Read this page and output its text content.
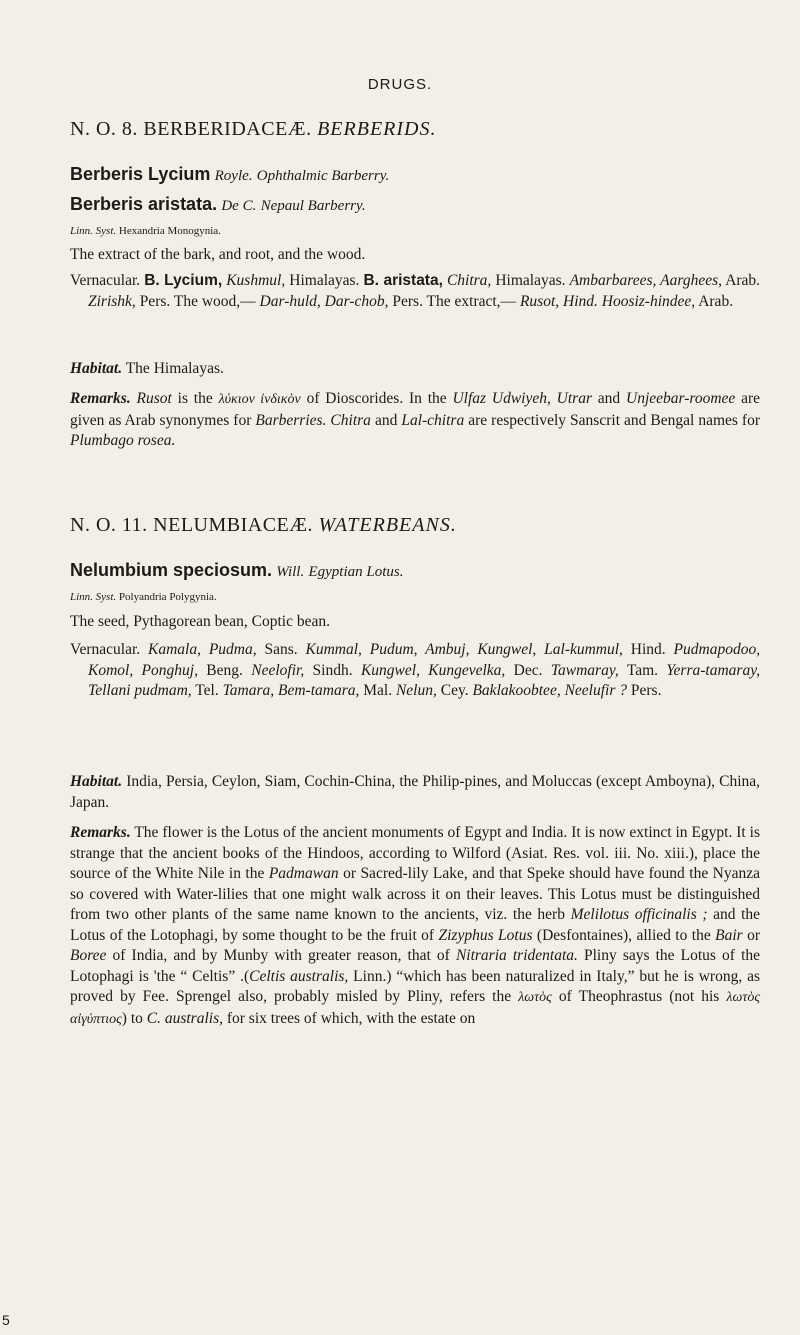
DRUGS.
N. O. 8. BERBERIDACEÆ. BERBERIDS.
Berberis Lycium Royle. Ophthalmic Barberry.
Berberis aristata. De C. Nepaul Barberry.
Linn. Syst. Hexandria Monogynia.

The extract of the bark, and root, and the wood.

Vernacular. B. Lycium, Kushmul, Himalayas. B. aristata, Chitra, Himalayas. Ambarbarees, Aarghees, Arab. Zirishk, Pers. The wood,— Dar-huld, Dar-chob, Pers. The extract,— Rusot, Hind. Hoosiz-hindee, Arab.

Habitat. The Himalayas.

Remarks. Rusot is the λύκιον ἰνδικὸν of Dioscorides. In the Ulfaz Udwiyeh, Utrar and Unjeebar-roomee are given as Arab synonymes for Barberries. Chitra and Lal-chitra are respectively Sanscrit and Bengal names for Plumbago rosea.

N. O. 11. NELUMBIACEÆ. WATERBEANS.
Nelumbium speciosum. Will. Egyptian Lotus.
Linn. Syst. Polyandria Polygynia.

The seed, Pythagorean bean, Coptic bean.

Vernacular. Kamala, Pudma, Sans. Kummal, Pudum, Ambuj, Kungwel, Lal-kummul, Hind. Pudmapodoo, Komol, Ponghuj, Beng. Neelofir, Sindh. Kungwel, Kungevelka, Dec. Tawmaray, Tam. Yerra-tamaray, Tellani pudmam, Tel. Tamara, Bem-tamara, Mal. Nelun, Cey. Baklakoobtee, Neelufir ? Pers.

Habitat. India, Persia, Ceylon, Siam, Cochin-China, the Philip-pines, and Moluccas (except Amboyna), China, Japan.

Remarks. The flower is the Lotus of the ancient monuments of Egypt and India. It is now extinct in Egypt. It is strange that the ancient books of the Hindoos, according to Wilford (Asiat. Res. vol. iii. No. xiii.), place the source of the White Nile in the Padmawan or Sacred-lily Lake, and that Speke should have found the Nyanza so covered with Water-lilies that one might walk across it on their leaves. This Lotus must be distinguished from two other plants of the same name known to the ancients, viz. the herb Melilotus officinalis ; and the Lotus of the Lotophagi, by some thought to be the fruit of Zizyphus Lotus (Desfontaines), allied to the Bair or Boree of India, and by Munby with greater reason, that of Nitraria tridentata. Pliny says the Lotus of the Lotophagi is 'the “ Celtis” .(Celtis australis, Linn.) “which has been naturalized in Italy,” but he is wrong, as proved by Fee. Sprengel also, probably misled by Pliny, refers the λωτὸς of Theophrastus (not his λωτὸς αἰγύπτιος) to C. australis, for six trees of which, with the estate on

5
